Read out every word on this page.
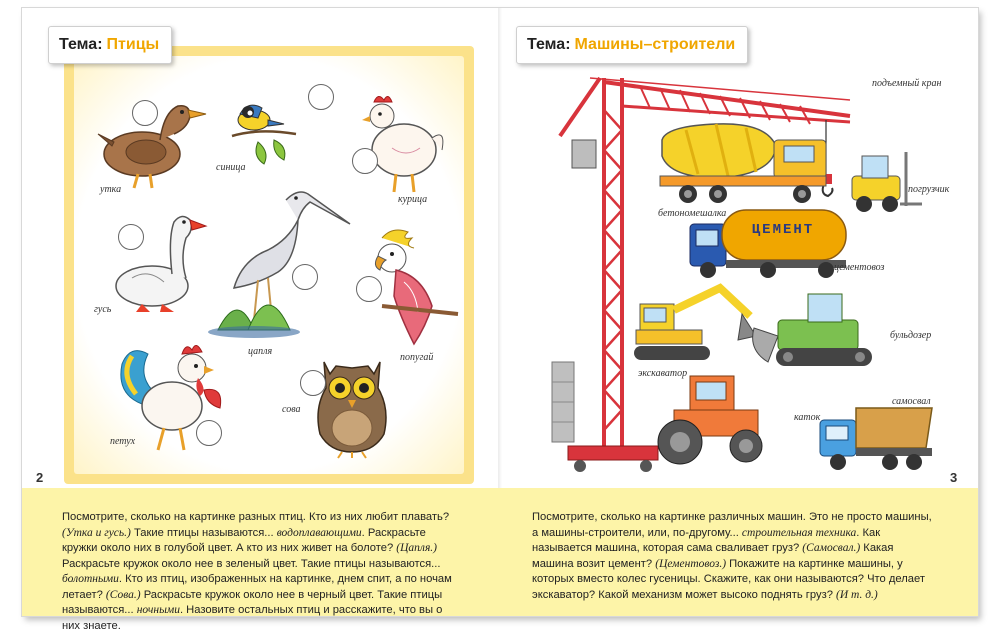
Тема: Птицы
утка
синица
курица
гусь
цапля
попугай
петух
сова
2
Тема: Машины–строители
подъемный кран
бетономешалка
погрузчик
ЦЕМЕНТ
цементовоз
экскаватор
бульдозер
каток
самосвал
3
Посмотрите, сколько на картинке разных птиц. Кто из них любит плавать? (Утка и гусь.) Такие птицы называются... водоплавающими. Раскрасьте кружки около них в голубой цвет. А кто из них живет на болоте? (Цапля.) Раскрасьте кружок около нее в зеленый цвет. Такие птицы называются... болотными. Кто из птиц, изображенных на картинке, днем спит, а по ночам летает? (Сова.) Раскрасьте кружок около нее в черный цвет. Такие птицы называются... ночными. Назовите остальных птиц и расскажите, что вы о них знаете.
Посмотрите, сколько на картинке различных машин. Это не просто машины, а машины-строители, или, по-другому... строительная техника. Как называется машина, которая сама сваливает груз? (Самосвал.) Какая машина возит цемент? (Цементовоз.) Покажите на картинке машины, у которых вместо колес гусеницы. Скажите, как они называются? Что делает экскаватор? Какой механизм может высоко поднять груз? (И т. д.)
